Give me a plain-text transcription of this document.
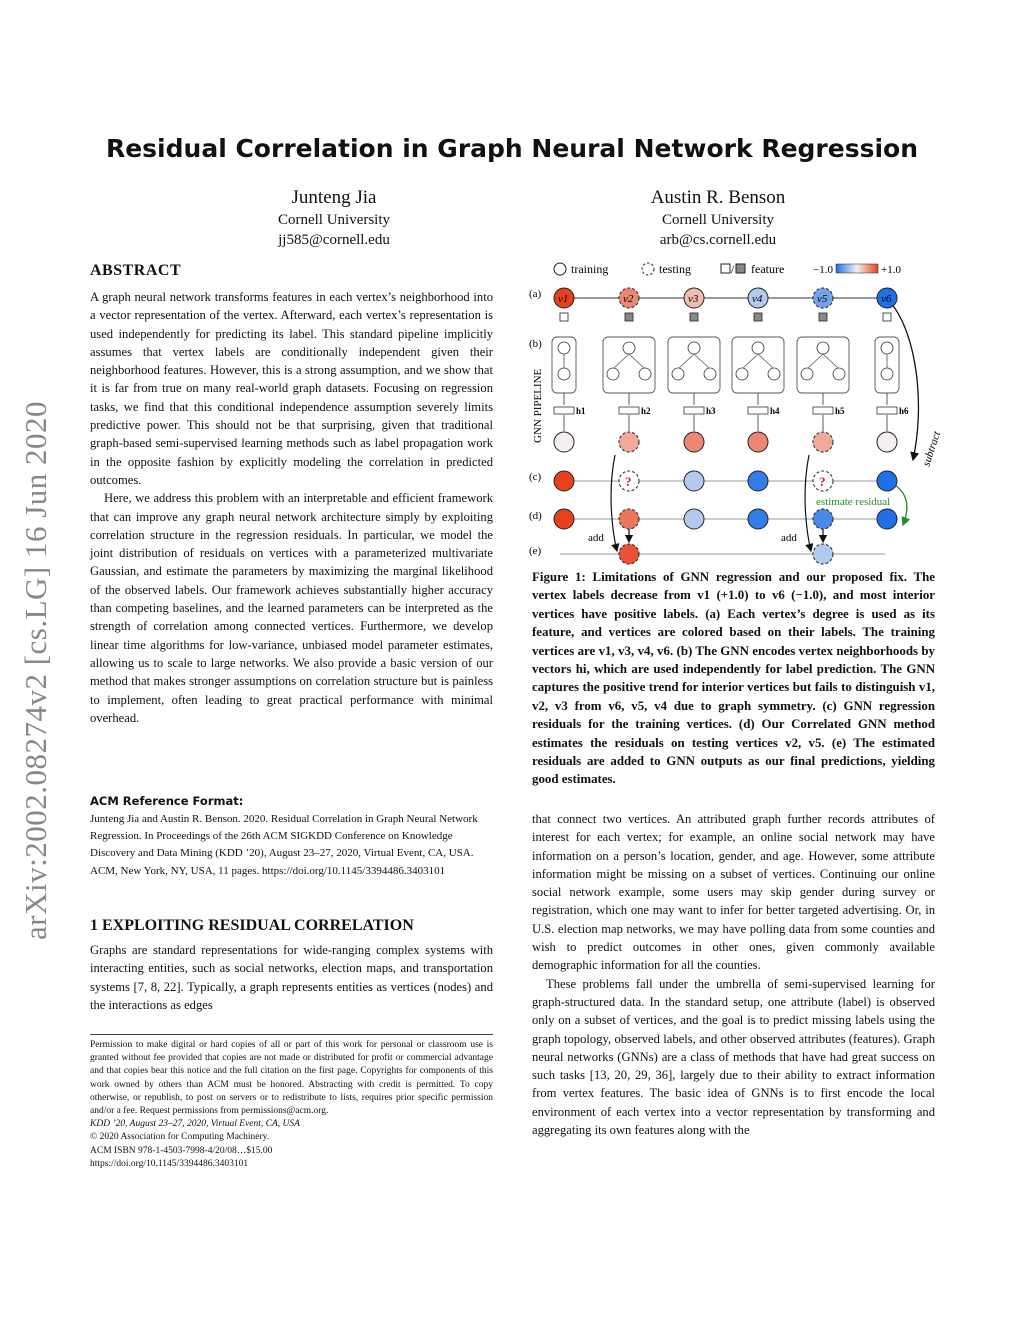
arXiv:2002.08274v2 [cs.LG] 16 Jun 2020
Residual Correlation in Graph Neural Network Regression
Junteng Jia
Cornell University
jj585@cornell.edu
Austin R. Benson
Cornell University
arb@cs.cornell.edu
ABSTRACT

A graph neural network transforms features in each vertex’s neighborhood into a vector representation of the vertex. Afterward, each vertex’s representation is used independently for predicting its label. This standard pipeline implicitly assumes that vertex labels are conditionally independent given their neighborhood features. However, this is a strong assumption, and we show that it is far from true on many real-world graph datasets. Focusing on regression tasks, we find that this conditional independence assumption severely limits predictive power. This should not be that surprising, given that traditional graph-based semi-supervised learning methods such as label propagation work in the opposite fashion by explicitly modeling the correlation in predicted outcomes.

Here, we address this problem with an interpretable and efficient framework that can improve any graph neural network architecture simply by exploiting correlation structure in the regression residuals. In particular, we model the joint distribution of residuals on vertices with a parameterized multivariate Gaussian, and estimate the parameters by maximizing the marginal likelihood of the observed labels. Our framework achieves substantially higher accuracy than competing baselines, and the learned parameters can be interpreted as the strength of correlation among connected vertices. Furthermore, we develop linear time algorithms for low-variance, unbiased model parameter estimates, allowing us to scale to large networks. We also provide a basic version of our method that makes stronger assumptions on correlation structure but is painless to implement, often leading to great practical performance with minimal overhead.

ACM Reference Format:
Junteng Jia and Austin R. Benson. 2020. Residual Correlation in Graph Neural Network Regression. In Proceedings of the 26th ACM SIGKDD Conference on Knowledge Discovery and Data Mining (KDD ’20), August 23–27, 2020, Virtual Event, CA, USA. ACM, New York, NY, USA, 11 pages. https://doi.org/10.1145/3394486.3403101
1 EXPLOITING RESIDUAL CORRELATION

Graphs are standard representations for wide-ranging complex systems with interacting entities, such as social networks, election maps, and transportation systems [7, 8, 22]. Typically, a graph represents entities as vertices (nodes) and the interactions as edges

Permission to make digital or hard copies of all or part of this work for personal or classroom use is granted without fee provided that copies are not made or distributed for profit or commercial advantage and that copies bear this notice and the full citation on the first page. Copyrights for components of this work owned by others than ACM must be honored. Abstracting with credit is permitted. To copy otherwise, or republish, to post on servers or to redistribute to lists, requires prior specific permission and/or a fee. Request permissions from permissions@acm.org.

KDD ’20, August 23–27, 2020, Virtual Event, CA, USA

© 2020 Association for Computing Machinery.

ACM ISBN 978-1-4503-7998-4/20/08…$15.00

https://doi.org/10.1145/3394486.3403101

training	testing	/ feature	−1.0	+1.0
(a)
(b)
(c)
(d)
(e)
GNN PIPELINE
subtract
estimate residual
add	add
v1	v2	v3	v4	v5	v6
h1	h2	h3	h4	h5	h6
?	?
Figure 1: Limitations of GNN regression and our proposed fix. The vertex labels decrease from v1 (+1.0) to v6 (−1.0), and most interior vertices have positive labels. (a) Each vertex’s degree is used as its feature, and vertices are colored based on their labels. The training vertices are v1, v3, v4, v6. (b) The GNN encodes vertex neighborhoods by vectors hi, which are used independently for label prediction. The GNN captures the positive trend for interior vertices but fails to distinguish v1, v2, v3 from v6, v5, v4 due to graph symmetry. (c) GNN regression residuals for the training vertices. (d) Our Correlated GNN method estimates the residuals on testing vertices v2, v5. (e) The estimated residuals are added to GNN outputs as our final predictions, yielding good estimates.

that connect two vertices. An attributed graph further records attributes of interest for each vertex; for example, an online social network may have information on a person’s location, gender, and age. However, some attribute information might be missing on a subset of vertices. Continuing our online social network example, some users may skip gender during survey or registration, which one may want to infer for better targeted advertising. Or, in U.S. election map networks, we may have polling data from some counties and wish to predict outcomes in other ones, given commonly available demographic information for all the counties.

These problems fall under the umbrella of semi-supervised learning for graph-structured data. In the standard setup, one attribute (label) is observed only on a subset of vertices, and the goal is to predict missing labels using the graph topology, observed labels, and other observed attributes (features). Graph neural networks (GNNs) are a class of methods that have had great success on such tasks [13, 20, 29, 36], largely due to their ability to extract information from vertex features. The basic idea of GNNs is to first encode the local environment of each vertex into a vector representation by transforming and aggregating its own features along with the
